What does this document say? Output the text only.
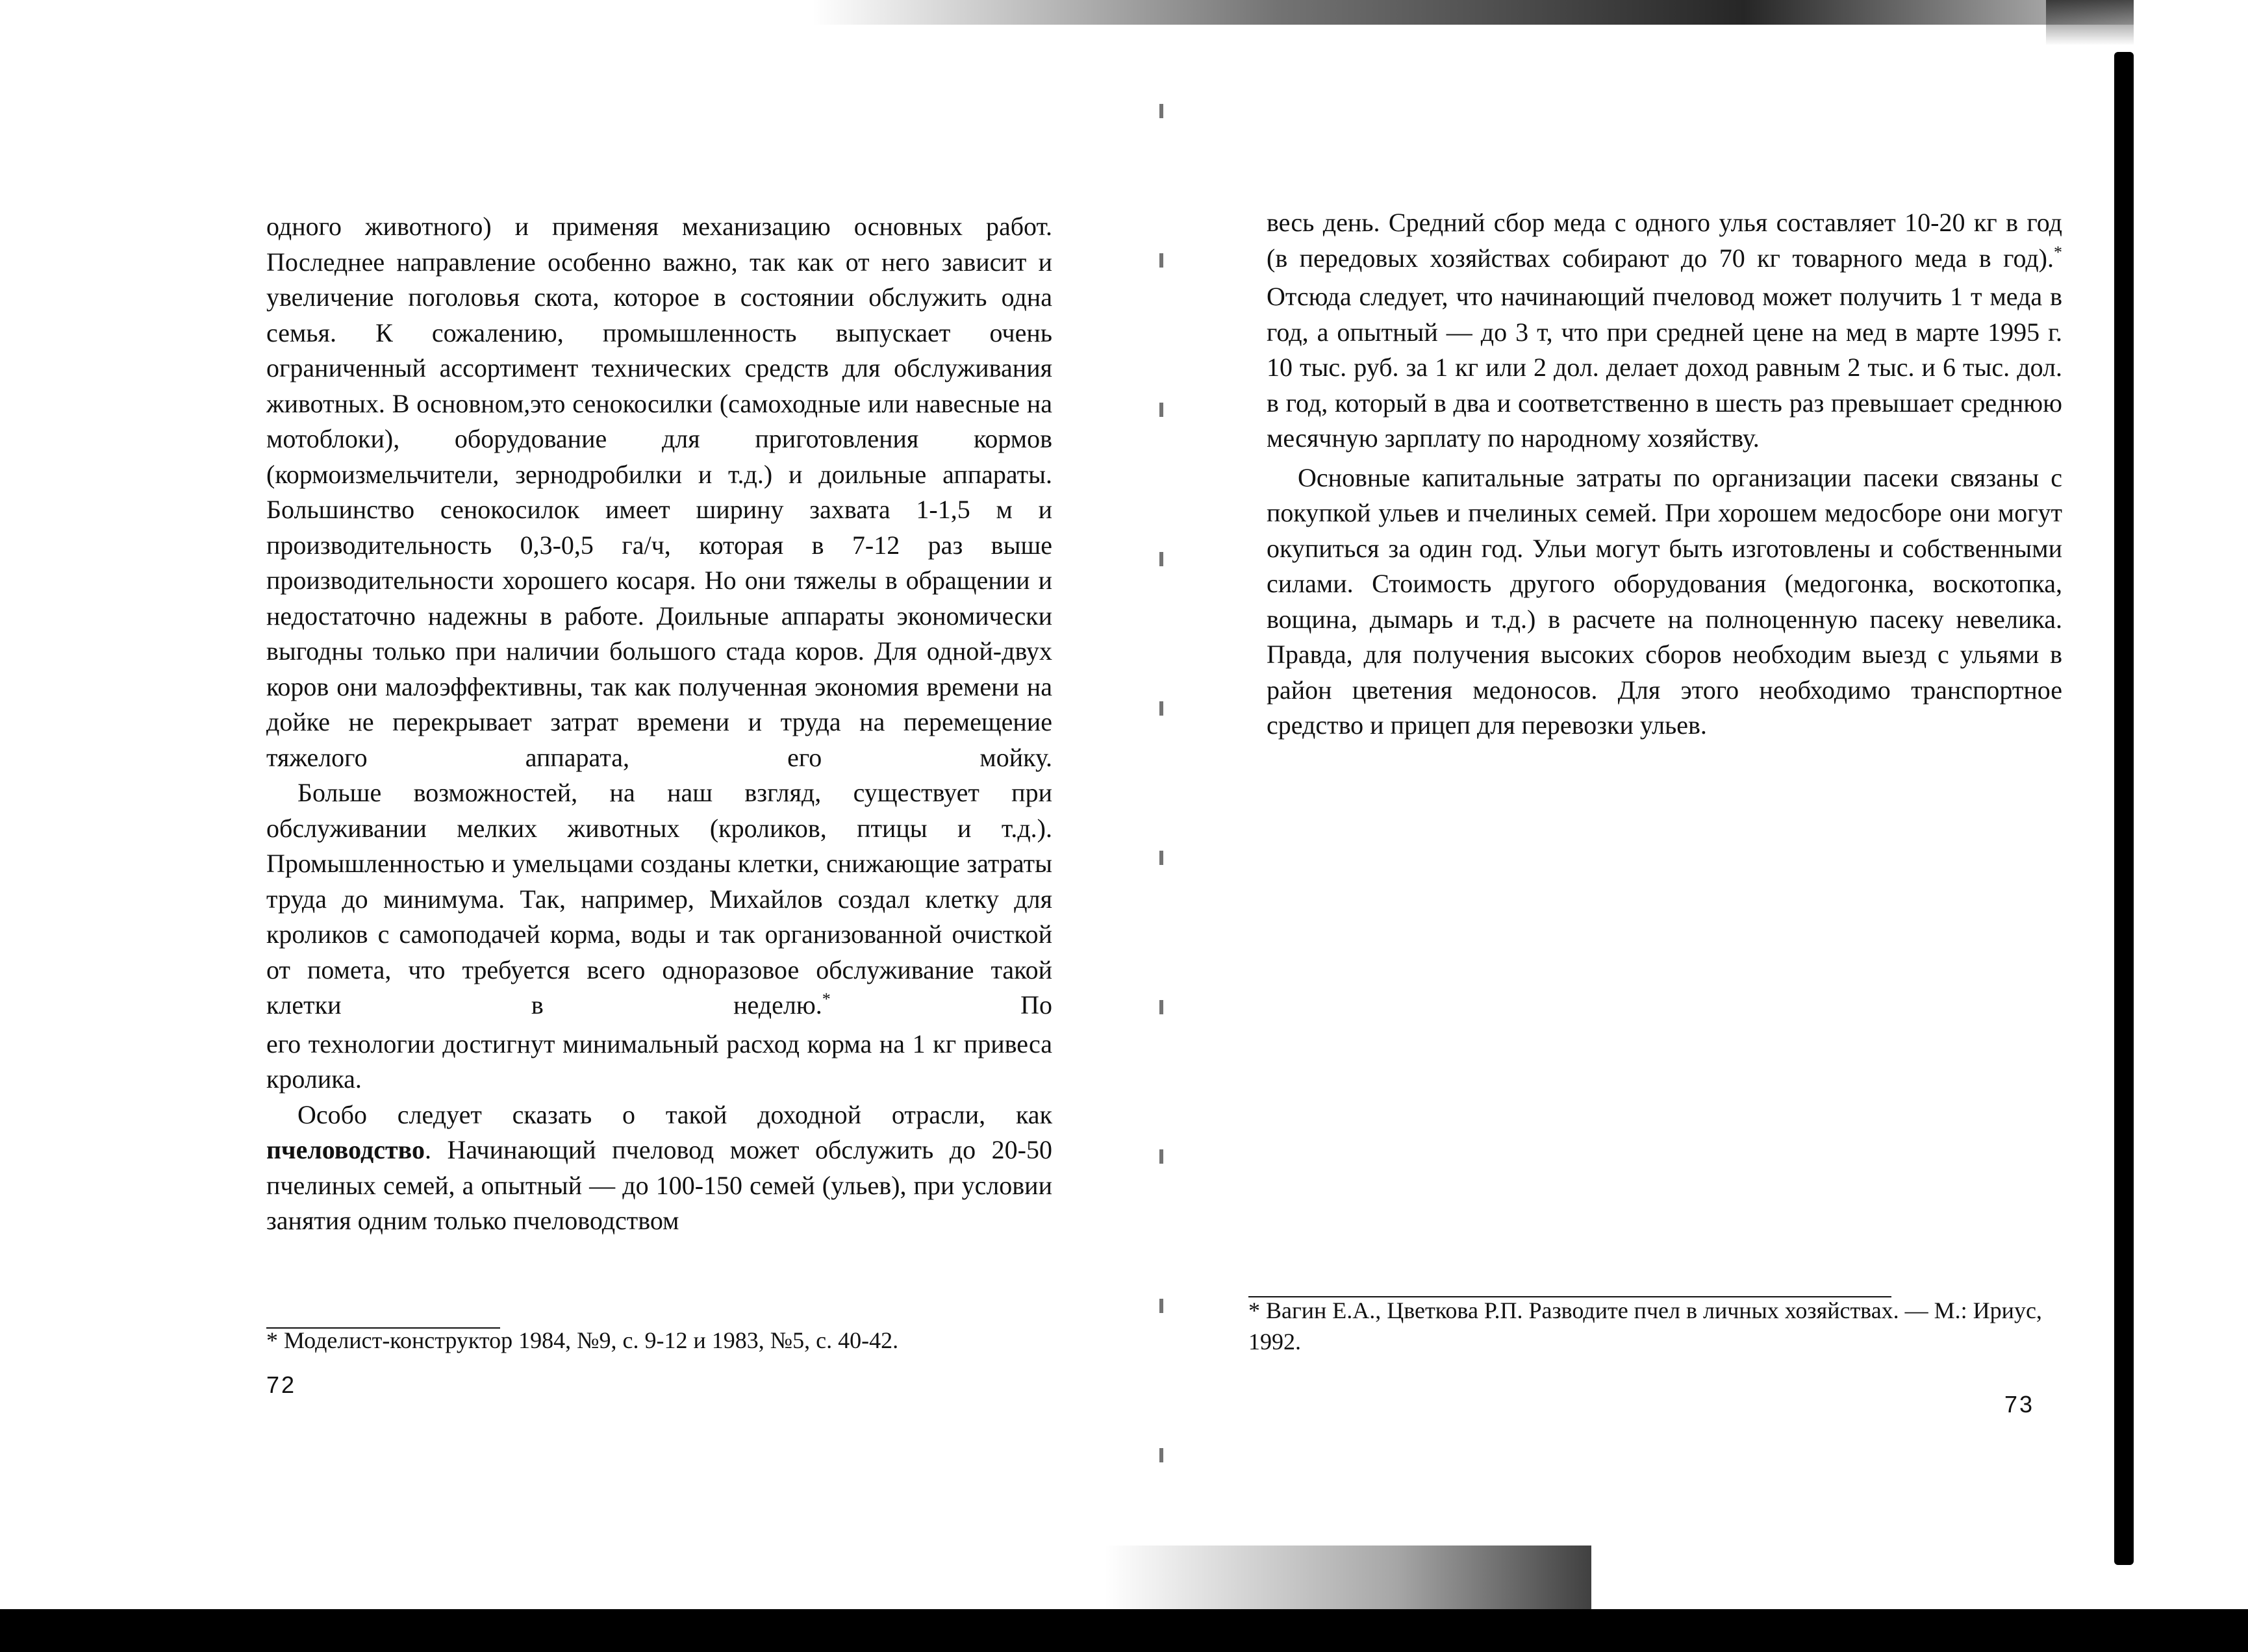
одного животного) и применяя механизацию основных работ. Последнее направление особенно важно, так как от него зависит и увеличение поголовья скота, которое в состоянии обслужить одна семья. К сожалению, промышленность выпускает очень ограниченный ассортимент технических средств для обслуживания животных. В основном,это сенокосилки (самоходные или навесные на мотоблоки), оборудование для приготовления кормов (кормоизмельчители, зернодробилки и т.д.) и доильные аппараты. Большинство сенокосилок имеет ширину захвата 1-1,5 м и производительность 0,3-0,5 га/ч, которая в 7-12 раз выше производительности хорошего косаря. Но они тяжелы в обращении и недостаточно надежны в работе. Доильные аппараты экономически выгодны только при наличии большого стада коров. Для одной-двух коров они малоэффективны, так как полученная экономия времени на дойке не перекрывает затрат времени и труда на перемещение тяжелого аппарата, его мойку.

Больше возможностей, на наш взгляд, существует при обслуживании мелких животных (кроликов, птицы и т.д.). Промышленностью и умельцами созданы клетки, снижающие затраты труда до минимума. Так, например, Михайлов создал клетку для кроликов с самоподачей корма, воды и так организованной очисткой от помета, что требуется всего одноразовое обслуживание такой клетки в неделю.* По

его технологии достигнут минимальный расход корма на 1 кг привеса кролика.

Особо следует сказать о такой доходной отрасли, как пчеловодство. Начинающий пчеловод может обслужить до 20-50 пчелиных семей, а опытный — до 100-150 семей (ульев), при условии занятия одним только пчеловодством

* Моделист-конструктор 1984, №9, с. 9-12 и 1983, №5, с. 40-42.

72

весь день. Средний сбор меда с одного улья составляет 10-20 кг в год (в передовых хозяйствах собирают до 70 кг товарного меда в год).* Отсюда следует, что начинающий пчеловод может получить 1 т меда в год, а опытный — до 3 т, что при средней цене на мед в марте 1995 г. 10 тыс. руб. за 1 кг или 2 дол. делает доход равным 2 тыс. и 6 тыс. дол. в год, который в два и соответственно в шесть раз превышает среднюю месячную зарплату по народному хозяйству.

Основные капитальные затраты по организации пасеки связаны с покупкой ульев и пчелиных семей. При хорошем медосборе они могут окупиться за один год. Ульи могут быть изготовлены и собственными силами. Стоимость другого оборудования (медогонка, воскотопка, вощина, дымарь и т.д.) в расчете на полноценную пасеку невелика. Правда, для получения высоких сборов необходим выезд с ульями в район цветения медоносов. Для этого необходимо транспортное средство и прицеп для перевозки ульев.

* Вагин Е.А., Цветкова Р.П. Разводите пчел в личных хозяйствах. — М.: Ириус, 1992.

73
